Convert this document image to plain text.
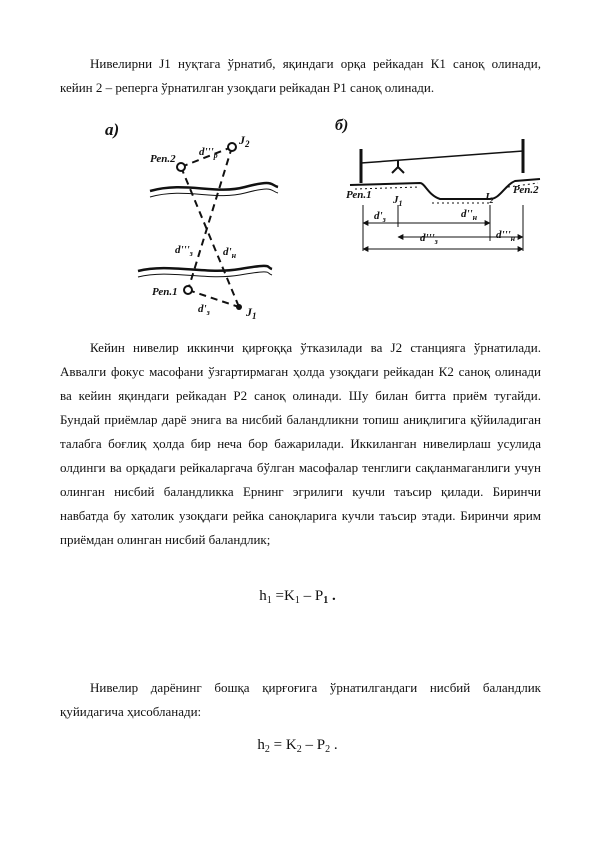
Нивелирни J1 нуқтага ўрнатиб, яқиндаги орқа рейкадан К1 саноқ олинади, кейин 2 – реперга ўрнатилган узоқдаги рейкадан Р1 саноқ олинади.

а)
Реп.2
$J_2$
$d'''_р$
$d'''_з$	$d'_н$
Реп.1
$d'_з$	$J_1$
б)
Реп.1 $J_1$
$J_2$
Реп.2
$d'_з$	$d''_н$
$d'''_з$
$d'''_н$

Кейин нивелир иккинчи қирғоққа ўтказилади ва J2 станцияга ўрнатилади. Аввалги фокус масофани ўзгартирмаган ҳолда узоқдаги рейкадан К2 саноқ олинади ва кейин яқиндаги рейкадан Р2 саноқ олинади. Шу билан битта приём тугайди. Бундай приёмлар дарё энига ва нисбий баландликни топиш аниқлигига қўйиладиган талабга боғлиқ ҳолда бир неча бор бажарилади. Иккиланган нивелирлаш усулида олдинги ва орқадаги рейкаларгача бўлган масофалар тенглиги сақланмаганлиги учун олинган нисбий баландликка Ернинг эгрилиги кучли таъсир қилади. Биринчи навбатда бу хатолик узоқдаги рейка саноқларига кучли таъсир этади. Биринчи ярим приёмдан олинган нисбий баландлик;

$h_1 =K_1 - P_1$ .

Нивелир дарёнинг бошқа қирғоғига ўрнатилгандаги нисбий баландлик қуйидагича ҳисобланади:

$h_2 = K_2 - P_2$ .
